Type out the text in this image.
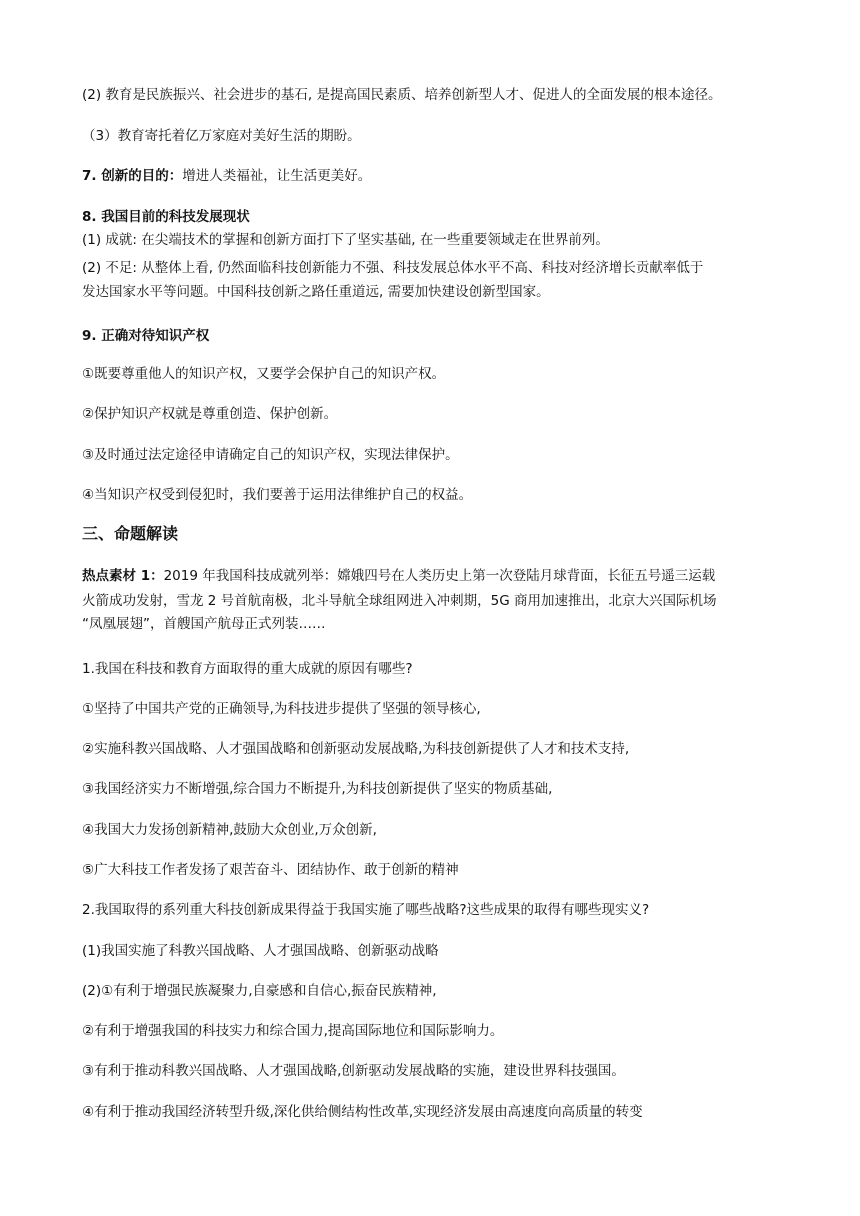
(2) 教育是民族振兴、社会进步的基石, 是提高国民素质、培养创新型人才、促进人的全面发展的根本途径。
（3）教育寄托着亿万家庭对美好生活的期盼。
7. 创新的目的：增进人类福祉，让生活更美好。
8. 我国目前的科技发展现状
(1) 成就: 在尖端技术的掌握和创新方面打下了坚实基础, 在一些重要领域走在世界前列。
(2) 不足: 从整体上看, 仍然面临科技创新能力不强、科技发展总体水平不高、科技对经济增长贡献率低于
发达国家水平等问题。中国科技创新之路任重道远, 需要加快建设创新型国家。
9. 正确对待知识产权
①既要尊重他人的知识产权，又要学会保护自己的知识产权。
②保护知识产权就是尊重创造、保护创新。
③及时通过法定途径申请确定自己的知识产权，实现法律保护。
④当知识产权受到侵犯时，我们要善于运用法律维护自己的权益。
三、命题解读
热点素材 1：2019 年我国科技成就列举：嫦娥四号在人类历史上第一次登陆月球背面，长征五号遥三运载
火箭成功发射，雪龙 2 号首航南极，北斗导航全球组网进入冲刺期，5G 商用加速推出，北京大兴国际机场
“凤凰展翅”，首艘国产航母正式列装……
1.我国在科技和教育方面取得的重大成就的原因有哪些?
①坚持了中国共产党的正确领导,为科技进步提供了坚强的领导核心,
②实施科教兴国战略、人才强国战略和创新驱动发展战略,为科技创新提供了人才和技术支持,
③我国经济实力不断增强,综合国力不断提升,为科技创新提供了坚实的物质基础,
④我国大力发扬创新精神,鼓励大众创业,万众创新,
⑤广大科技工作者发扬了艰苦奋斗、团结协作、敢于创新的精神
2.我国取得的系列重大科技创新成果得益于我国实施了哪些战略?这些成果的取得有哪些现实义?
(1)我国实施了科教兴国战略、人才强国战略、创新驱动战略
(2)①有利于增强民族凝聚力,自豪感和自信心,振奋民族精神,
②有利于增强我国的科技实力和综合国力,提高国际地位和国际影响力。
③有利于推动科教兴国战略、人才强国战略,创新驱动发展战略的实施，建设世界科技强国。
④有利于推动我国经济转型升级,深化供给侧结构性改革,实现经济发展由高速度向高质量的转变
